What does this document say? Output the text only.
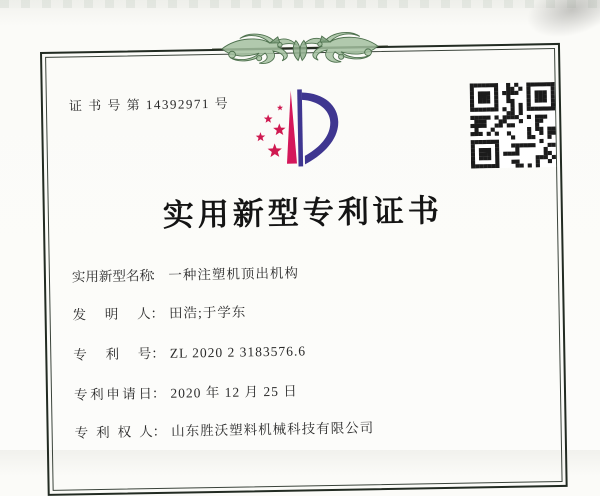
证 书 号 第 14392971 号
实用新型专利证书
实用新型名称： 一种注塑机顶出机构
发 明 人： 田浩;于学东
专 利 号： ZL 2020 2 3183576.6
专利申请日： 2020 年 12 月 25 日
专 利 权 人： 山东胜沃塑料机械科技有限公司
